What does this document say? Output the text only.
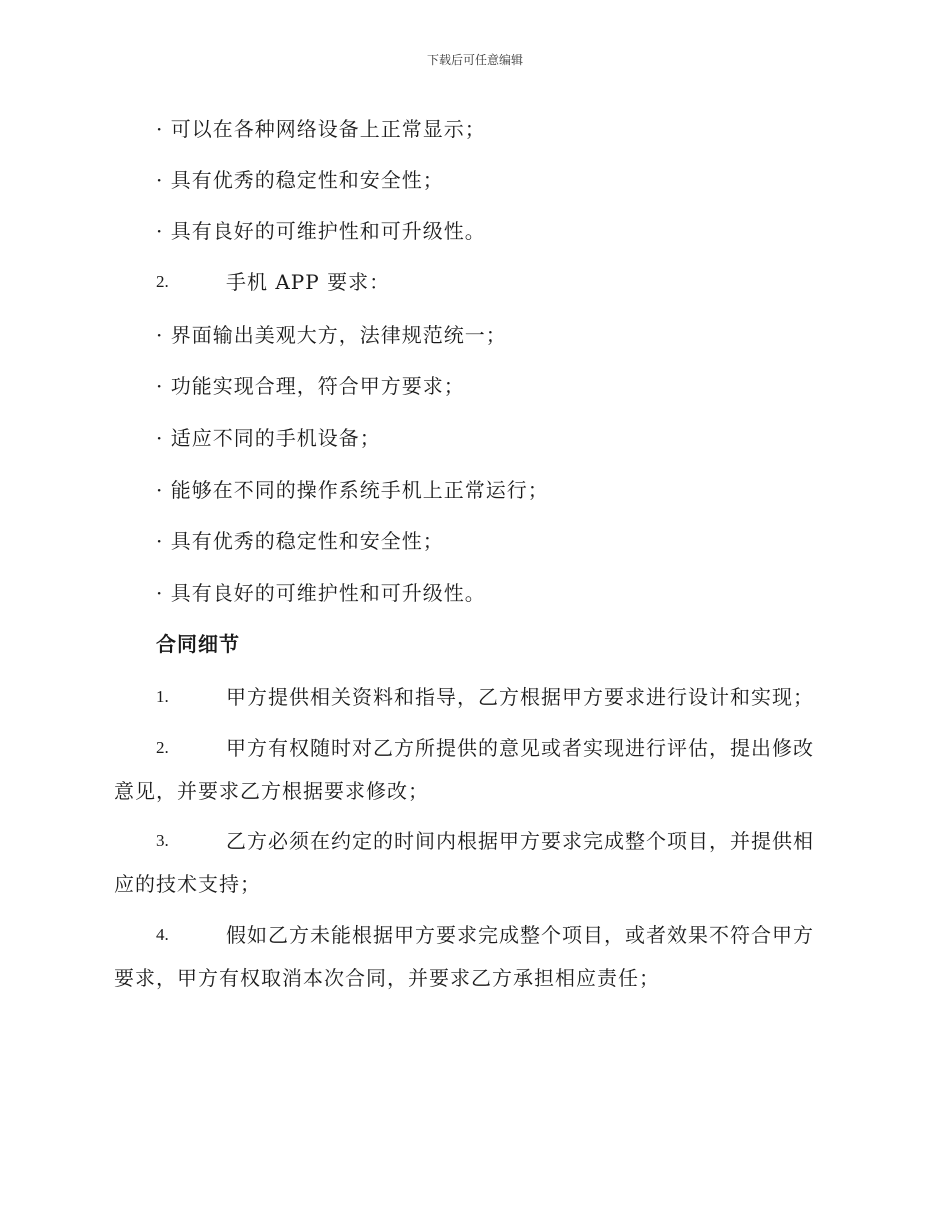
下载后可任意编辑
· 可以在各种网络设备上正常显示；
· 具有优秀的稳定性和安全性；
· 具有良好的可维护性和可升级性。
2.	手机 APP 要求：
· 界面输出美观大方，法律规范统一；
· 功能实现合理，符合甲方要求；
· 适应不同的手机设备；
· 能够在不同的操作系统手机上正常运行；
· 具有优秀的稳定性和安全性；
· 具有良好的可维护性和可升级性。
合同细节
1.	甲方提供相关资料和指导，乙方根据甲方要求进行设计和实现；
2.	甲方有权随时对乙方所提供的意见或者实现进行评估，提出修改
意见，并要求乙方根据要求修改；
3.	乙方必须在约定的时间内根据甲方要求完成整个项目，并提供相
应的技术支持；
4.	假如乙方未能根据甲方要求完成整个项目，或者效果不符合甲方
要求，甲方有权取消本次合同，并要求乙方承担相应责任；
